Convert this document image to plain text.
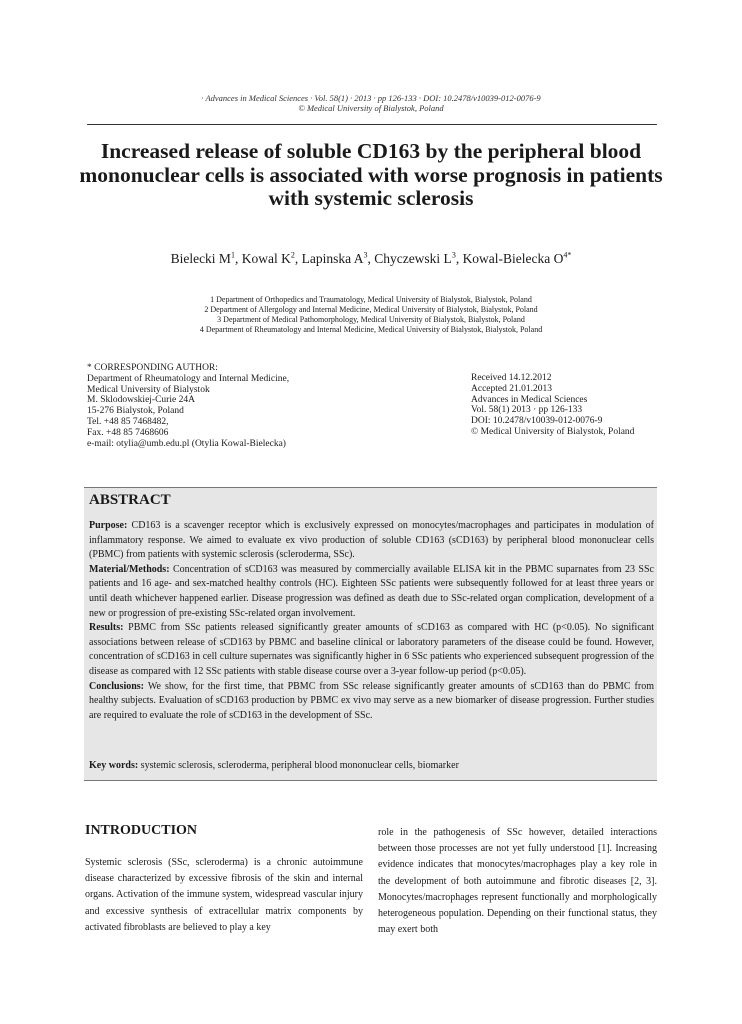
· Advances in Medical Sciences · Vol. 58(1) · 2013 · pp 126-133 · DOI: 10.2478/v10039-012-0076-9
© Medical University of Bialystok, Poland
Increased release of soluble CD163 by the peripheral blood mononuclear cells is associated with worse prognosis in patients with systemic sclerosis
Bielecki $M^1$, Kowal $K^2$, Lapinska $A^3$, Chyczewski $L^3$, Kowal-Bielecka $O^{4*}$
1 Department of Orthopedics and Traumatology, Medical University of Bialystok, Bialystok, Poland
2 Department of Allergology and Internal Medicine, Medical University of Bialystok, Bialystok, Poland
3 Department of Medical Pathomorphology, Medical University of Bialystok, Bialystok, Poland
4 Department of Rheumatology and Internal Medicine, Medical University of Bialystok, Bialystok, Poland
* CORRESPONDING AUTHOR:
Department of Rheumatology and Internal Medicine,
Medical University of Bialystok
M. Sklodowskiej-Curie 24A
15-276 Bialystok, Poland
Tel. +48 85 7468482,
Fax. +48 85 7468606
e-mail: otylia@umb.edu.pl (Otylia Kowal-Bielecka)
Received 14.12.2012
Accepted 21.01.2013
Advances in Medical Sciences
Vol. 58(1) 2013 · pp 126-133
DOI: 10.2478/v10039-012-0076-9
© Medical University of Bialystok, Poland
ABSTRACT

Purpose: CD163 is a scavenger receptor which is exclusively expressed on monocytes/macrophages and participates in modulation of inflammatory response. We aimed to evaluate ex vivo production of soluble CD163 (sCD163) by peripheral blood mononuclear cells (PBMC) from patients with systemic sclerosis (scleroderma, SSc).

Material/Methods: Concentration of sCD163 was measured by commercially available ELISA kit in the PBMC suparnates from 23 SSc patients and 16 age- and sex-matched healthy controls (HC). Eighteen SSc patients were subsequently followed for at least three years or until death whichever happened earlier. Disease progression was defined as death due to SSc-related organ complication, development of a new or progression of pre-existing SSc-related organ involvement.

Results: PBMC from SSc patients released significantly greater amounts of sCD163 as compared with HC (p<0.05). No significant associations between release of sCD163 by PBMC and baseline clinical or laboratory parameters of the disease could be found. However, concentration of sCD163 in cell culture supernates was significantly higher in 6 SSc patients who experienced subsequent progression of the disease as compared with 12 SSc patients with stable disease course over a 3-year follow-up period (p<0.05).

Conclusions: We show, for the first time, that PBMC from SSc release significantly greater amounts of sCD163 than do PBMC from healthy subjects. Evaluation of sCD163 production by PBMC ex vivo may serve as a new biomarker of disease progression. Further studies are required to evaluate the role of sCD163 in the development of SSc.

Key words: systemic sclerosis, scleroderma, peripheral blood mononuclear cells, biomarker
INTRODUCTION

Systemic sclerosis (SSc, scleroderma) is a chronic autoimmune disease characterized by excessive fibrosis of the skin and internal organs. Activation of the immune system, widespread vascular injury and excessive synthesis of extracellular matrix components by activated fibroblasts are believed to play a key

role in the pathogenesis of SSc however, detailed interactions between those processes are not yet fully understood [1]. Increasing evidence indicates that monocytes/macrophages play a key role in the development of both autoimmune and fibrotic diseases [2, 3]. Monocytes/macrophages represent functionally and morphologically heterogeneous population. Depending on their functional status, they may exert both
